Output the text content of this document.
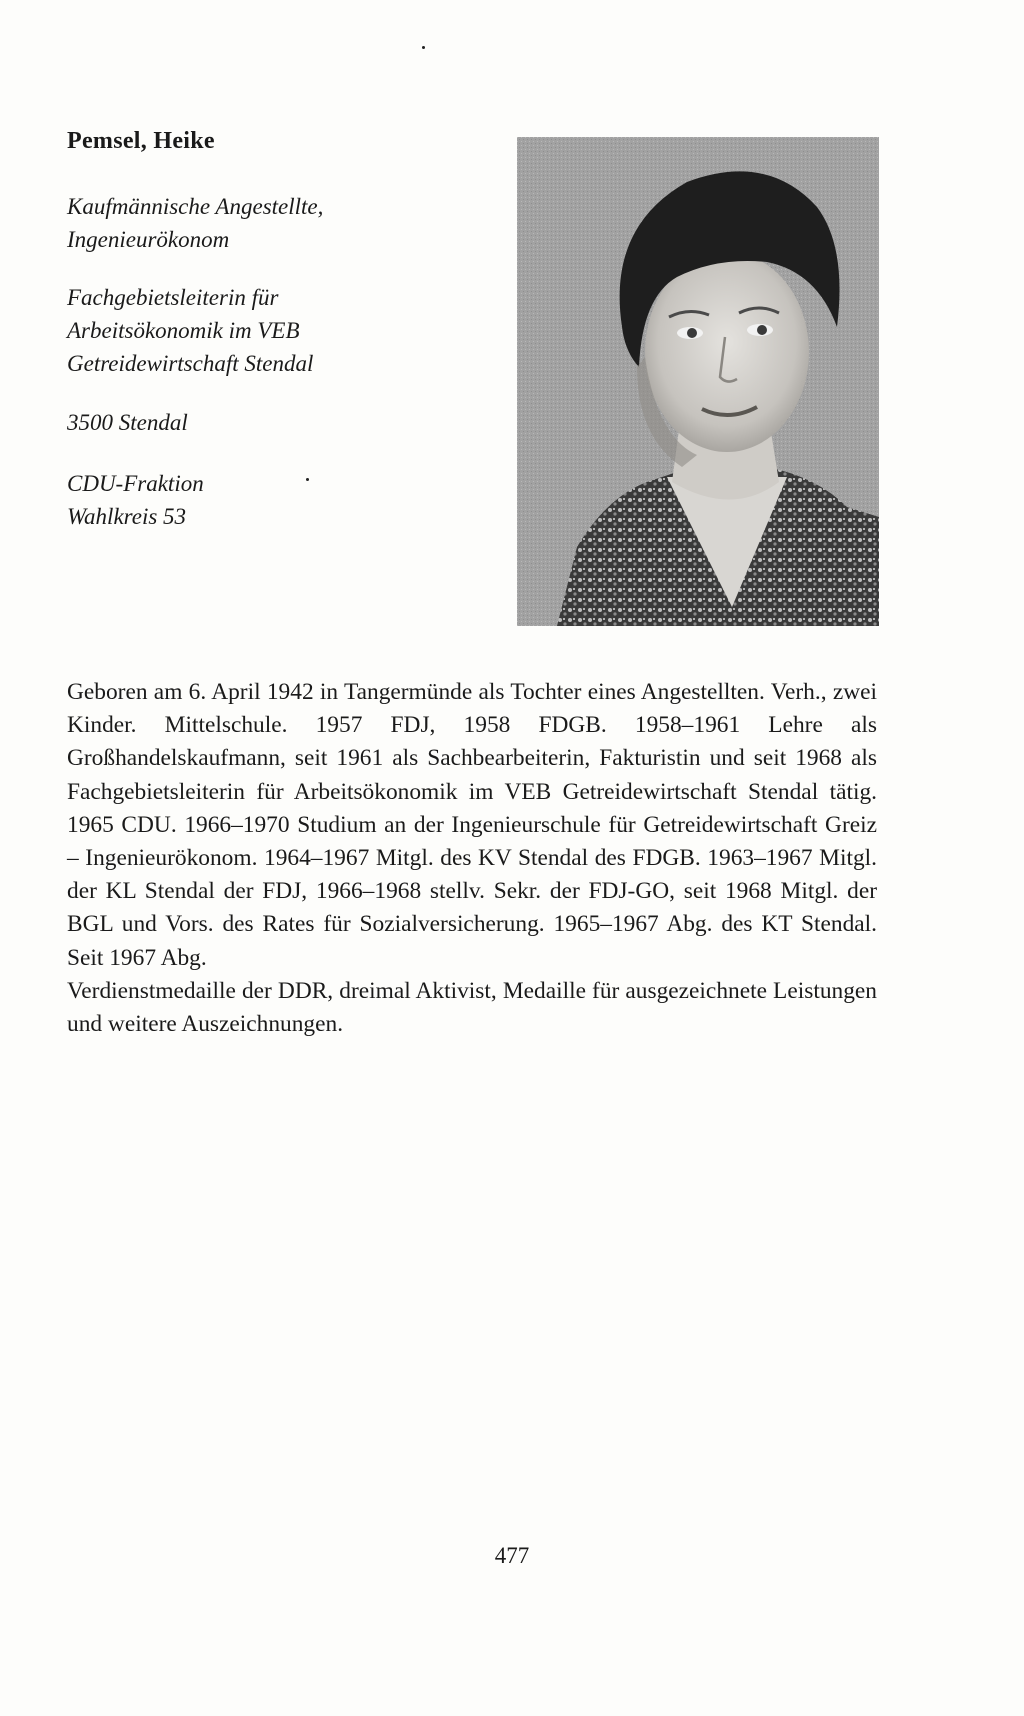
Pemsel, Heike
Kaufmännische Angestellte,
Ingenieurökonom
Fachgebietsleiterin für
Arbeitsökonomik im VEB
Getreidewirtschaft Stendal
3500 Stendal
CDU-Fraktion
Wahlkreis 53

Geboren am 6. April 1942 in Tangermünde als Tochter eines Angestellten. Verh., zwei Kinder. Mittelschule. 1957 FDJ, 1958 FDGB. 1958–1961 Lehre als Großhandelskaufmann, seit 1961 als Sachbearbeiterin, Fakturistin und seit 1968 als Fachgebietsleiterin für Arbeitsökonomik im VEB Getreidewirtschaft Stendal tätig. 1965 CDU. 1966–1970 Studium an der Ingenieurschule für Getreidewirtschaft Greiz – Ingenieurökonom. 1964–1967 Mitgl. des KV Stendal des FDGB. 1963–1967 Mitgl. der KL Stendal der FDJ, 1966–1968 stellv. Sekr. der FDJ-GO, seit 1968 Mitgl. der BGL und Vors. des Rates für Sozialversicherung. 1965–1967 Abg. des KT Stendal. Seit 1967 Abg.

Verdienstmedaille der DDR, dreimal Aktivist, Medaille für ausgezeichnete Leistungen und weitere Auszeichnungen.

477
